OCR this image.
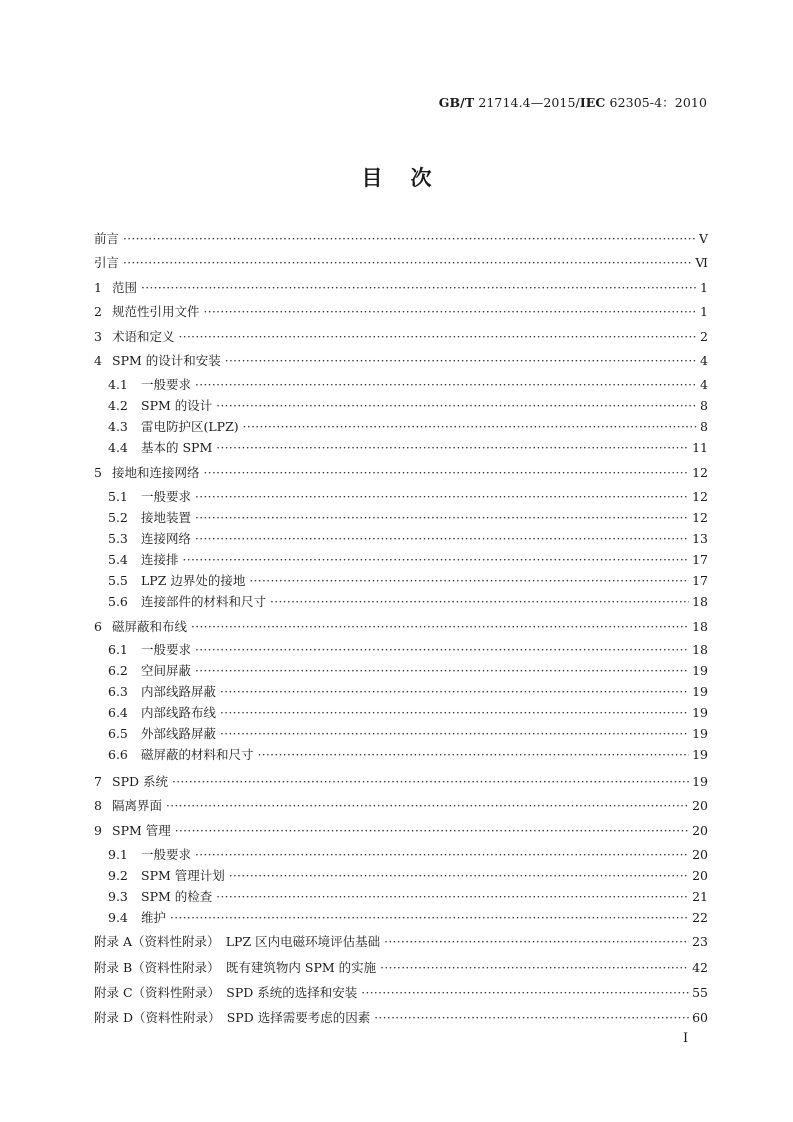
GB/T 21714.4—2015/IEC 62305-4：2010
目次
前言 ·····	Ⅴ
引言 ·····	Ⅵ
1 范围 ·····	1
2 规范性引用文件 ·····	1
3 术语和定义 ·····	2
4 SPM 的设计和安装 ·····	4
4.1 一般要求 ·····	4
4.2 SPM 的设计 ·····	8
4.3 雷电防护区(LPZ) ·····	8
4.4 基本的 SPM ·····	11
5 接地和连接网络 ·····	12
5.1 一般要求 ·····	12
5.2 接地装置 ·····	12
5.3 连接网络 ·····	13
5.4 连接排 ·····	17
5.5 LPZ 边界处的接地 ·····	17
5.6 连接部件的材料和尺寸 ·····	18
6 磁屏蔽和布线 ·····	18
6.1 一般要求 ·····	18
6.2 空间屏蔽 ·····	19
6.3 内部线路屏蔽 ·····	19
6.4 内部线路布线 ·····	19
6.5 外部线路屏蔽 ·····	19
6.6 磁屏蔽的材料和尺寸 ·····	19
7 SPD 系统 ·····	19
8 隔离界面 ·····	20
9 SPM 管理 ·····	20
9.1 一般要求 ·····	20
9.2 SPM 管理计划 ·····	20
9.3 SPM 的检查 ·····	21
9.4 维护 ·····	22
附录 A（资料性附录）　LPZ 区内电磁环境评估基础 ·····	23
附录 B（资料性附录）　既有建筑物内 SPM 的实施 ·····	42
附录 C（资料性附录）　SPD 系统的选择和安装 ·····	55
附录 D（资料性附录）　SPD 选择需要考虑的因素 ·····	60
I
